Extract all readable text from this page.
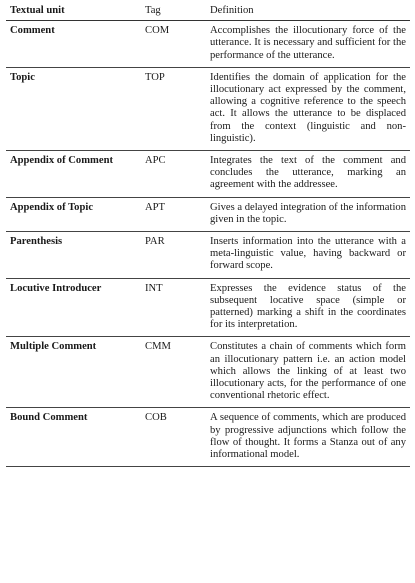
Textual unit	Tag	Definition
Comment	COM	Accomplishes the illocutionary force of the utterance. It is necessary and sufficient for the performance of the utterance.
Topic	TOP	Identifies the domain of application for the illocutionary act expressed by the comment, allowing a cognitive reference to the speech act. It allows the utterance to be displaced from the context (linguistic and non-linguistic).
Appendix of Comment	APC	Integrates the text of the comment and concludes the utterance, marking an agreement with the addressee.
Appendix of Topic	APT	Gives a delayed integration of the information given in the topic.
Parenthesis	PAR	Inserts information into the utterance with a meta-linguistic value, having backward or forward scope.
Locutive Introducer	INT	Expresses the evidence status of the subsequent locative space (simple or patterned) marking a shift in the coordinates for its interpretation.
Multiple Comment	CMM	Constitutes a chain of comments which form an illocutionary pattern i.e. an action model which allows the linking of at least two illocutionary acts, for the performance of one conventional rhetoric effect.
Bound Comment	COB	A sequence of comments, which are produced by progressive adjunctions which follow the flow of thought. It forms a Stanza out of any informational model.
